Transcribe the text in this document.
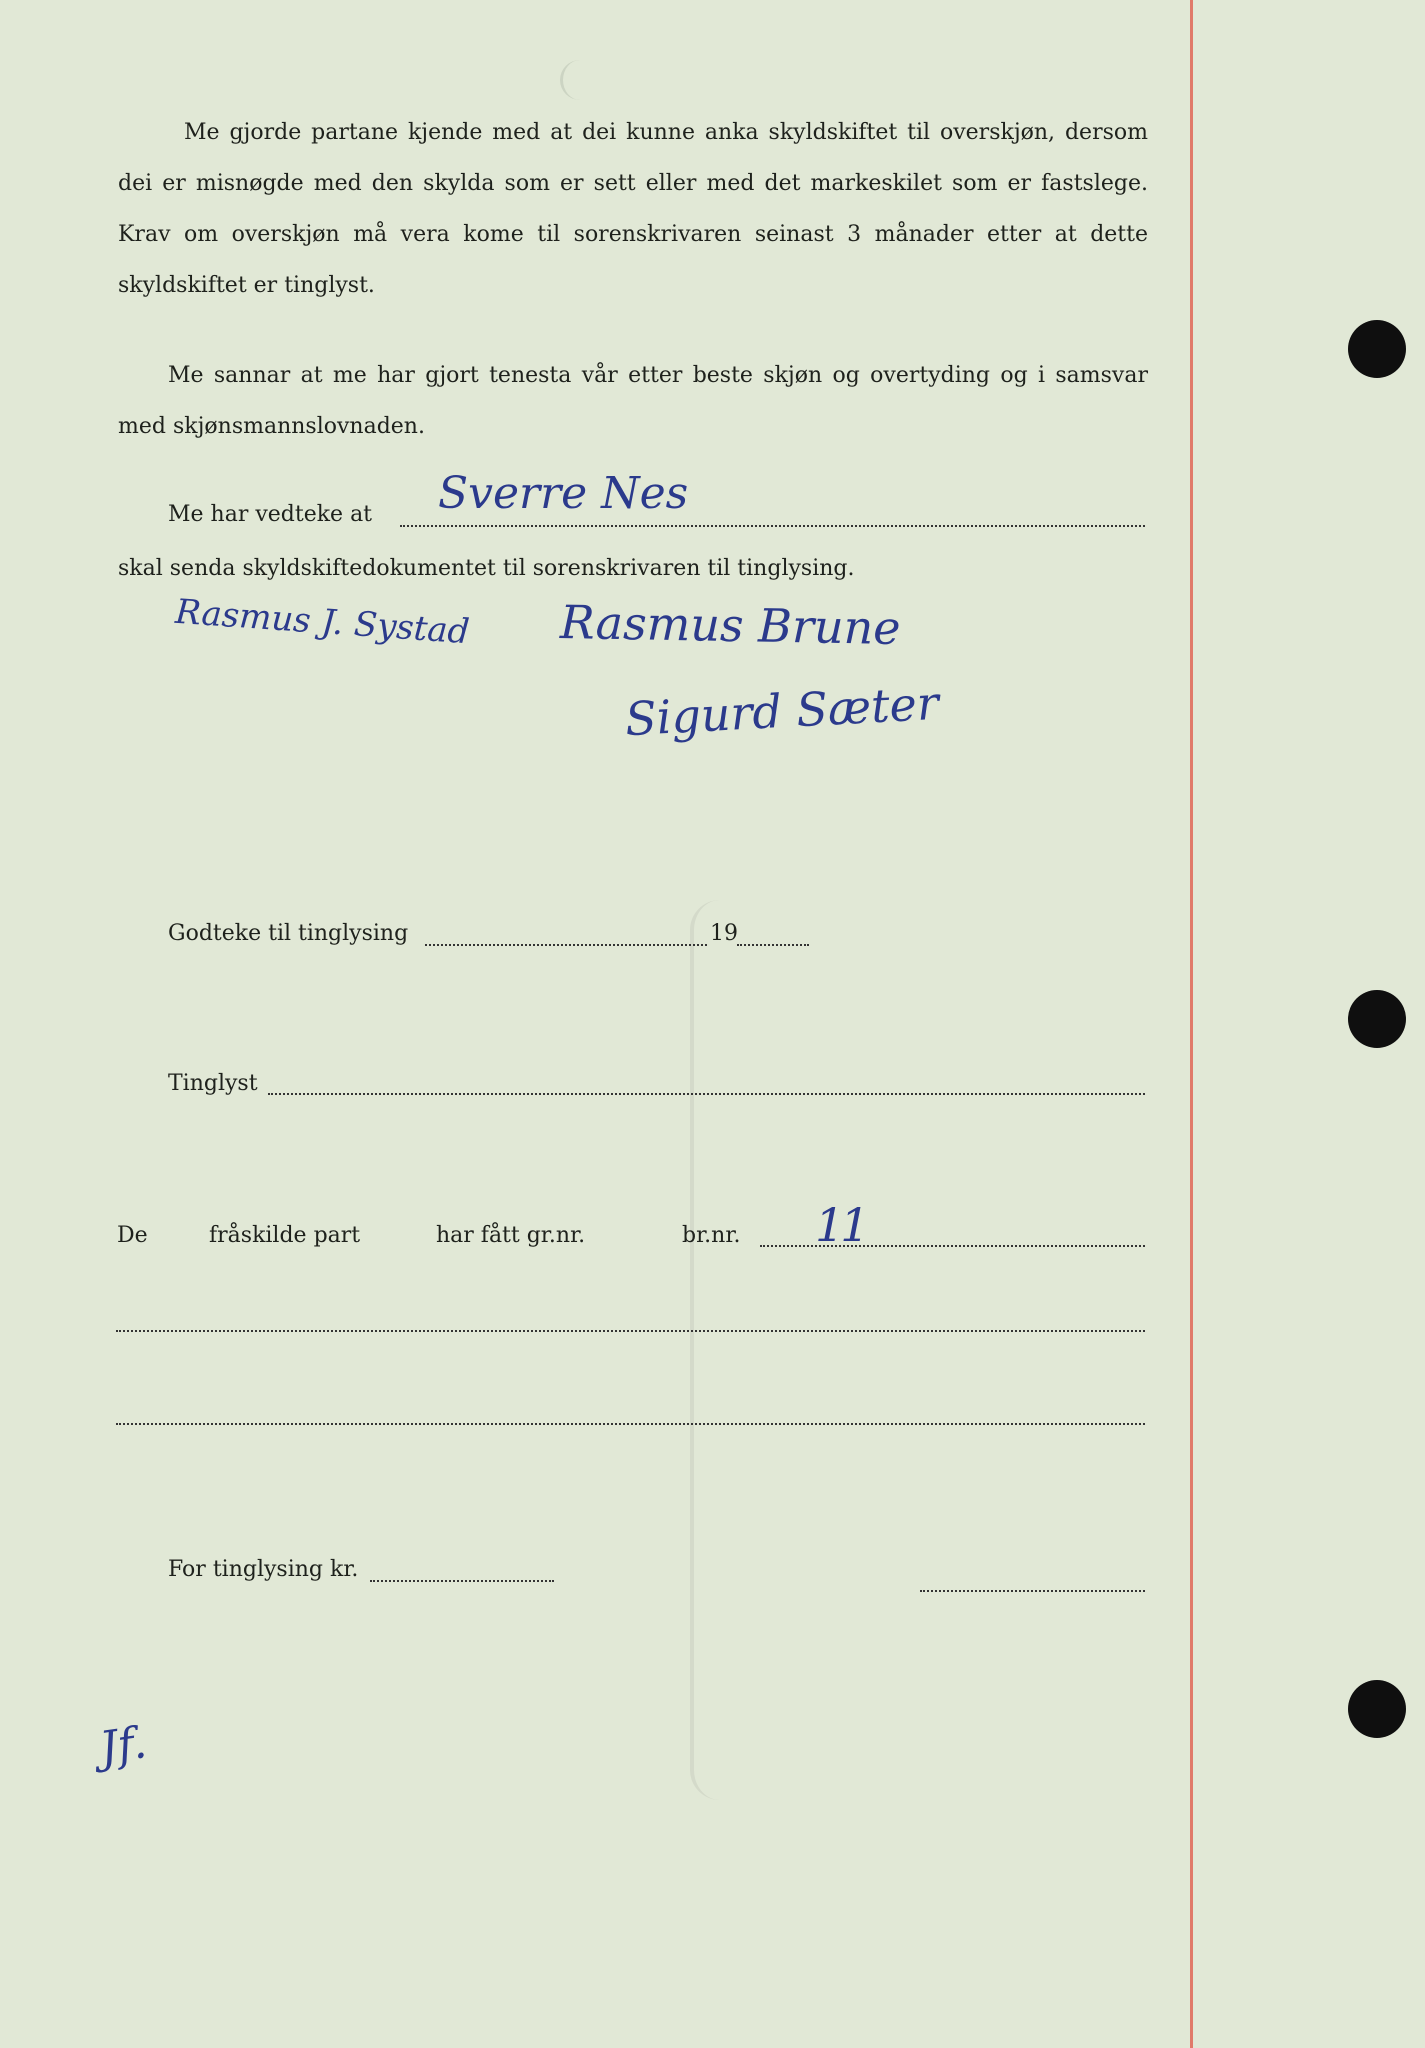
Me gjorde partane kjende med at dei kunne anka skyldskiftet til overskjøn, dersom

dei er misnøgde med den skylda som er sett eller med det markeskilet som er fastslege.

Krav om overskjøn må vera kome til sorenskrivaren seinast 3 månader etter at dette

skyldskiftet er tinglyst.

Me sannar at me har gjort tenesta vår etter beste skjøn og overtyding og i samsvar

med skjønsmannslovnaden.

Me har vedteke at Sverre Nes
skal senda skyldskiftedokumentet til sorenskrivaren til tinglysing.
Rasmus J. Systad Rasmus Brune
Sigurd Sæter
Godteke til tinglysing	19
Tinglyst
De	fråskilde part	har fått gr.nr.	br.nr. 11
For tinglysing kr.
Jf.
